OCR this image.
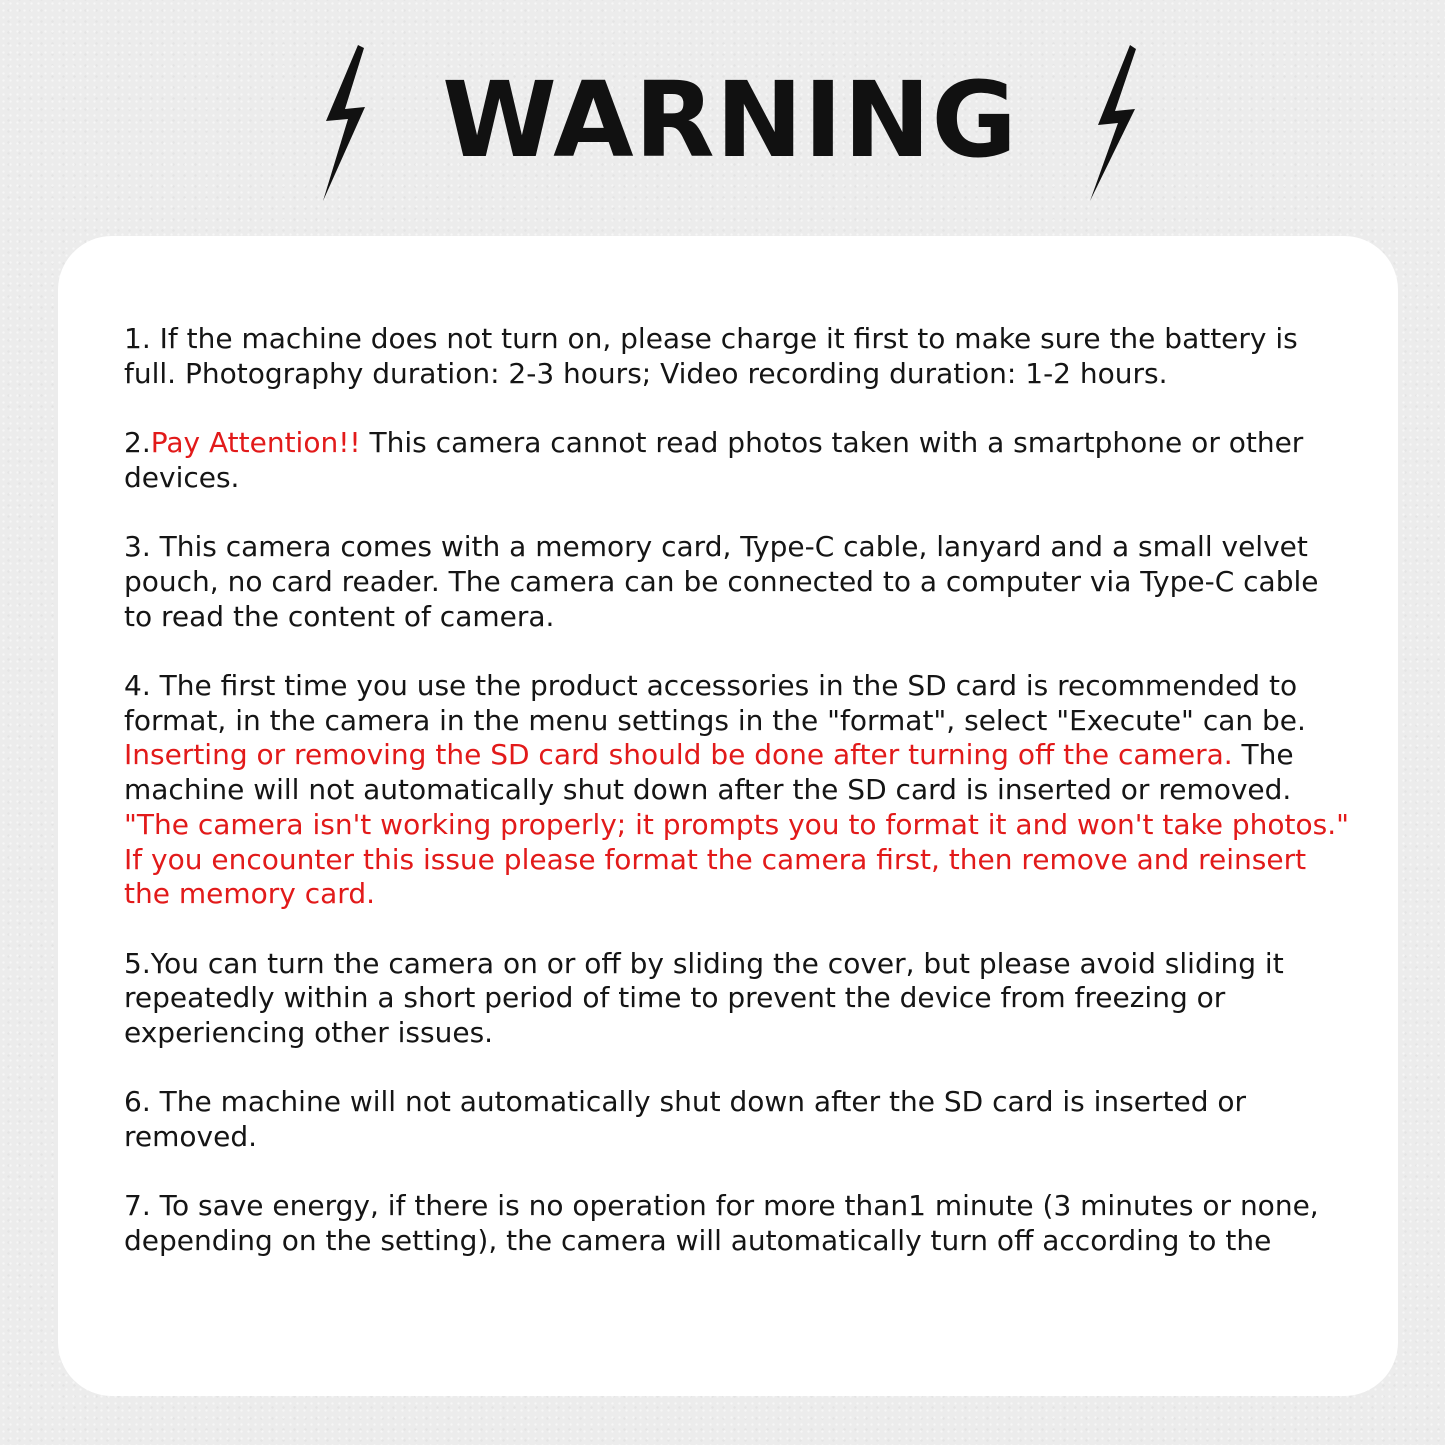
WARNING

1. If the machine does not turn on, please charge it first to make sure the battery is full. Photography duration: 2-3 hours; Video recording duration: 1-2 hours.

2.Pay Attention!! This camera cannot read photos taken with a smartphone or other devices.

3. This camera comes with a memory card, Type-C cable, lanyard and a small velvet pouch, no card reader. The camera can be connected to a computer via Type-C cable to read the content of camera.

4. The first time you use the product accessories in the SD card is recommended to format, in the camera in the menu settings in the "format", select "Execute" can be. Inserting or removing the SD card should be done after turning off the camera. The machine will not automatically shut down after the SD card is inserted or removed. "The camera isn't working properly; it prompts you to format it and won't take photos." If you encounter this issue please format the camera first, then remove and reinsert the memory card.

5.You can turn the camera on or off by sliding the cover, but please avoid sliding it repeatedly within a short period of time to prevent the device from freezing or experiencing other issues.

6. The machine will not automatically shut down after the SD card is inserted or removed.

7. To save energy, if there is no operation for more than1 minute (3 minutes or none, depending on the setting), the camera will automatically turn off according to the
